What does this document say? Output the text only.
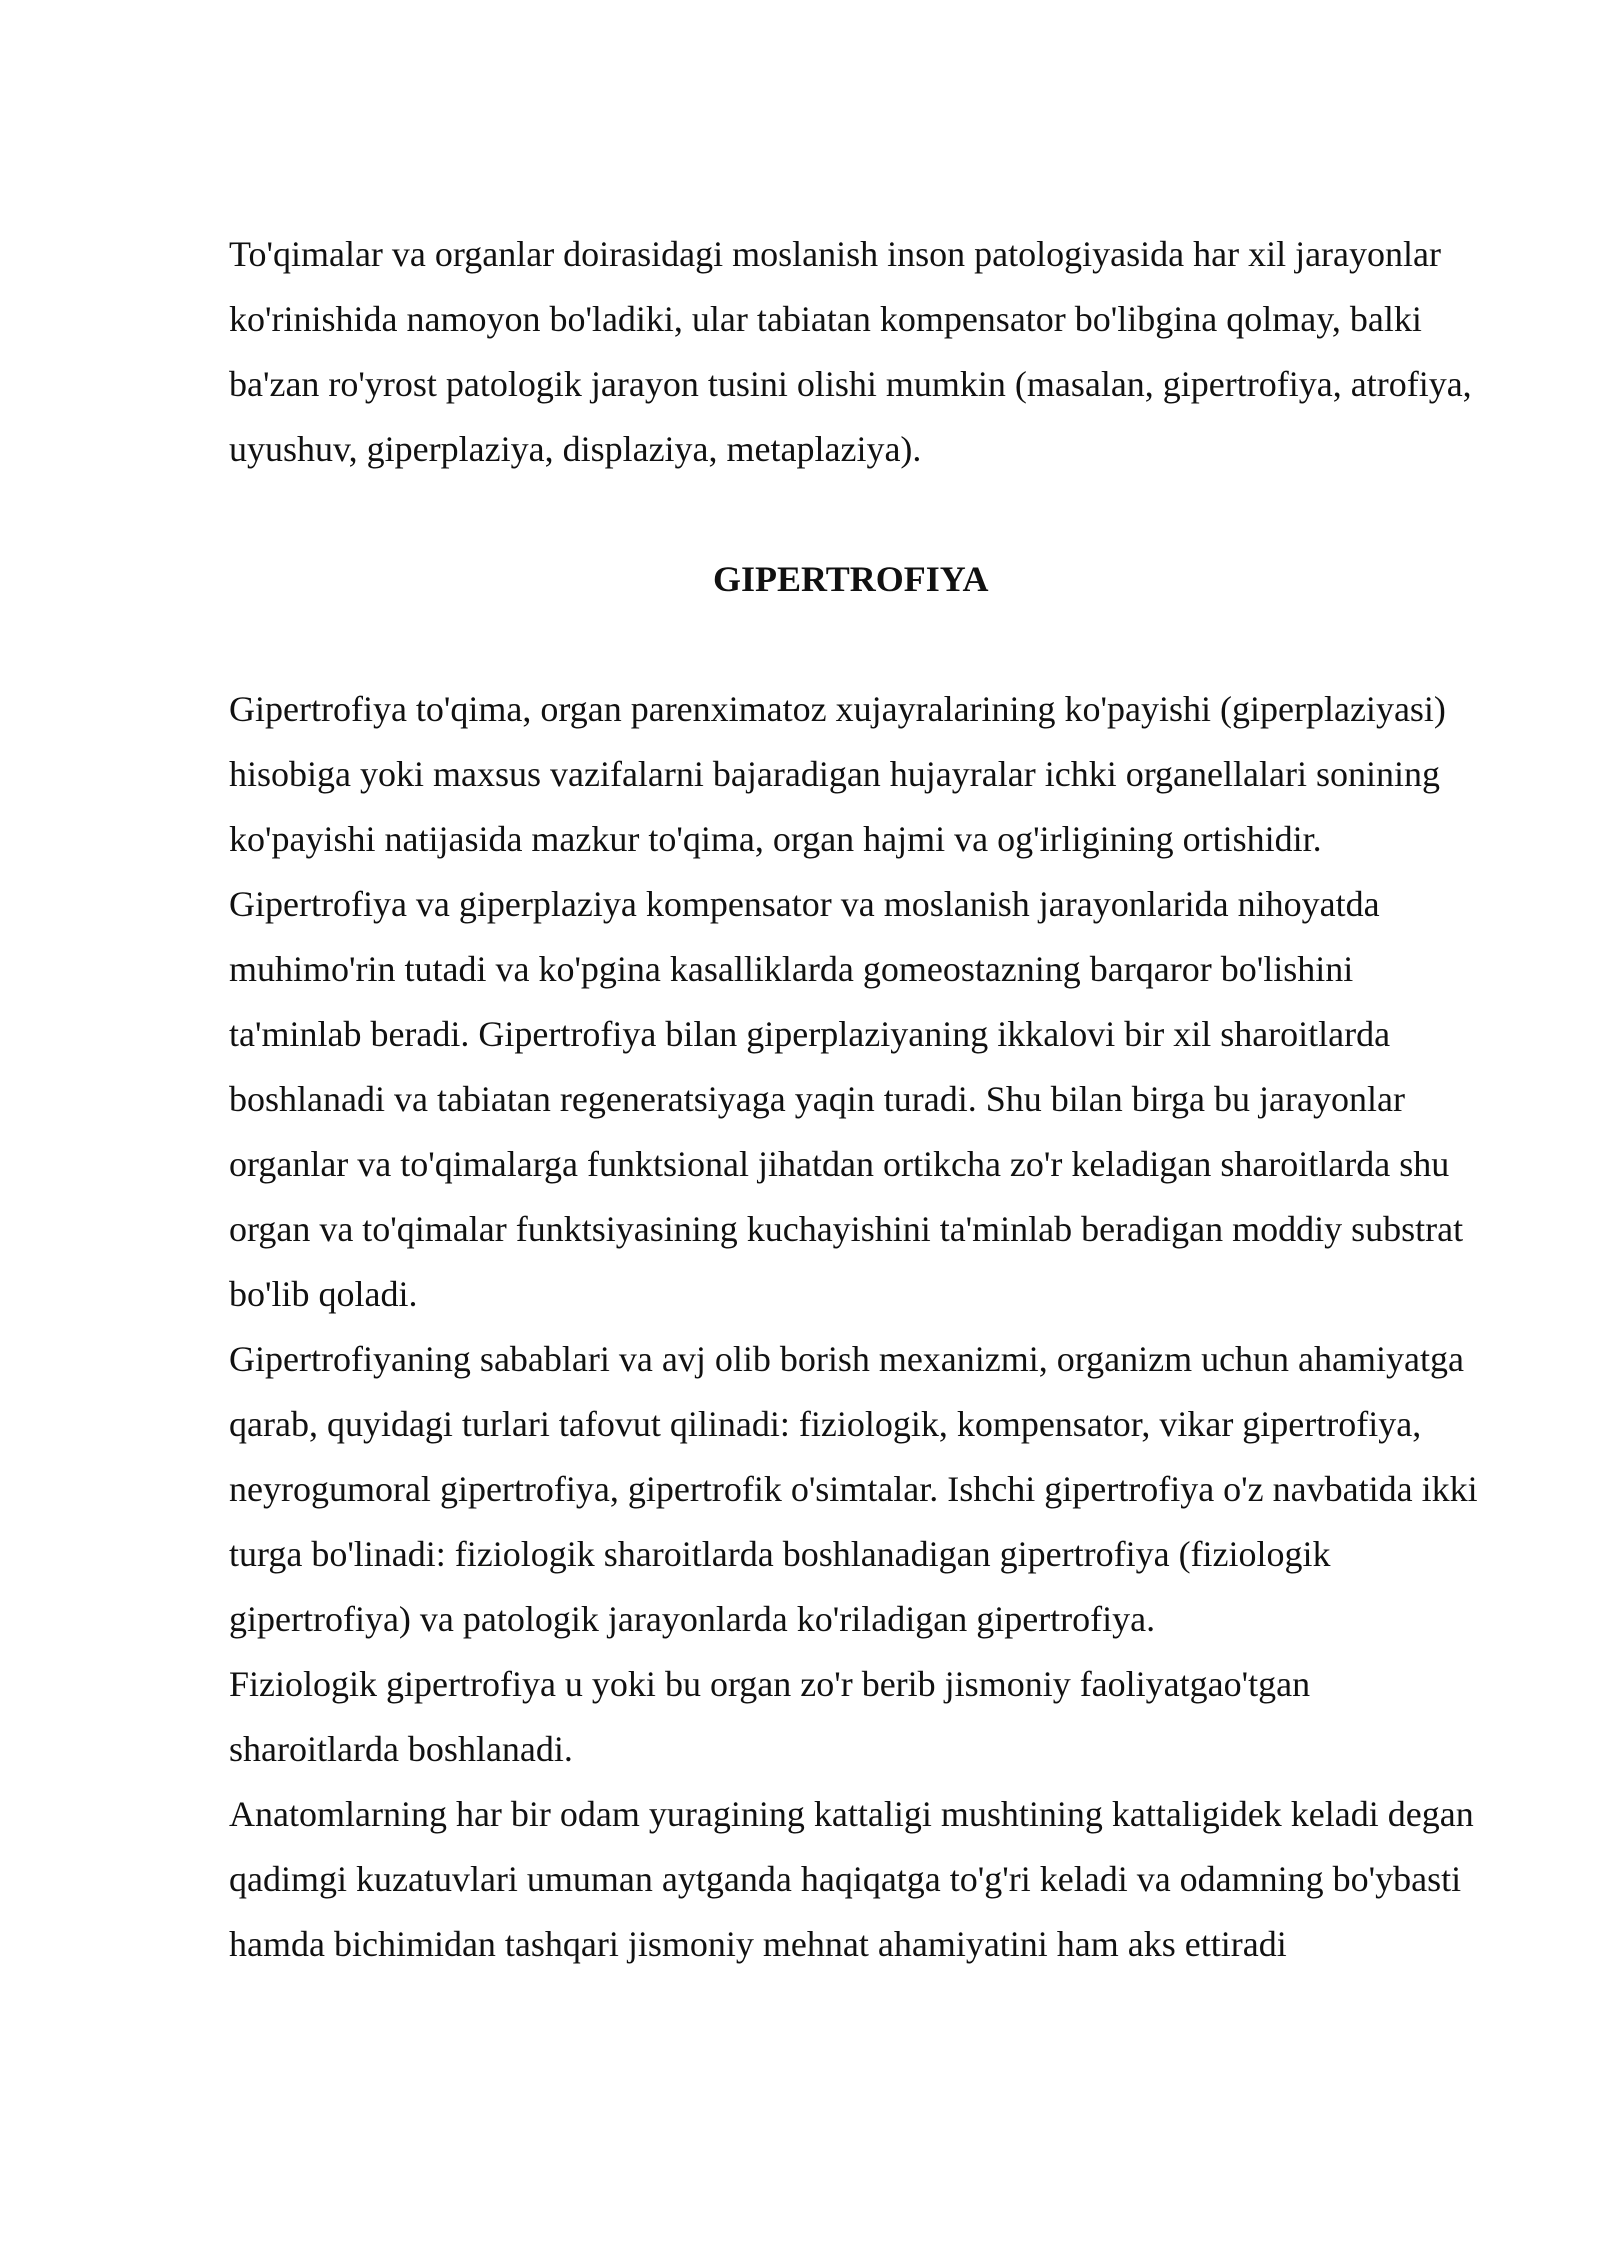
To'qimalar va organlar doirasidagi moslanish inson patologiyasida har xil jarayonlar ko'rinishida namoyon bo'ladiki, ular tabiatan kompensator bo'libgina qolmay, balki ba'zan ro'yrost patologik jarayon tusini olishi mumkin (masalan, gipertrofiya, atrofiya, uyushuv, giperplaziya, displaziya, metaplaziya).

GIPERTROFIYA

Gipertrofiya to'qima, organ parenximatoz xujayralarining ko'payishi (giperplaziyasi) hisobiga yoki maxsus vazifalarni bajaradigan hujayralar ichki organellalari sonining ko'payishi natijasida mazkur to'qima, organ hajmi va og'irligining ortishidir.

Gipertrofiya va giperplaziya kompensator va moslanish jarayonlarida nihoyatda muhimo'rin tutadi va ko'pgina kasalliklarda gomeostazning barqaror bo'lishini ta'minlab beradi. Gipertrofiya bilan giperplaziyaning ikkalovi bir xil sharoitlarda boshlanadi va tabiatan regeneratsiyaga yaqin turadi. Shu bilan birga bu jarayonlar organlar va to'qimalarga funktsional jihatdan ortikcha zo'r keladigan sharoitlarda shu organ va to'qimalar funktsiyasining kuchayishini ta'minlab beradigan moddiy substrat bo'lib qoladi.

Gipertrofiyaning sabablari va avj olib borish mexanizmi, organizm uchun ahamiyatga qarab, quyidagi turlari tafovut qilinadi: fiziologik, kompensator, vikar gipertrofiya, neyrogumoral gipertrofiya, gipertrofik o'simtalar. Ishchi gipertrofiya o'z navbatida ikki turga bo'linadi: fiziologik sharoitlarda boshlanadigan gipertrofiya (fiziologik gipertrofiya) va patologik jarayonlarda ko'riladigan gipertrofiya.

Fiziologik gipertrofiya u yoki bu organ zo'r berib jismoniy faoliyatgao'tgan sharoitlarda boshlanadi.

Anatomlarning har bir odam yuragining kattaligi mushtining kattaligidek keladi degan qadimgi kuzatuvlari umuman aytganda haqiqatga to'g'ri keladi va odamning bo'ybasti hamda bichimidan tashqari jismoniy mehnat ahamiyatini ham aks ettiradi
